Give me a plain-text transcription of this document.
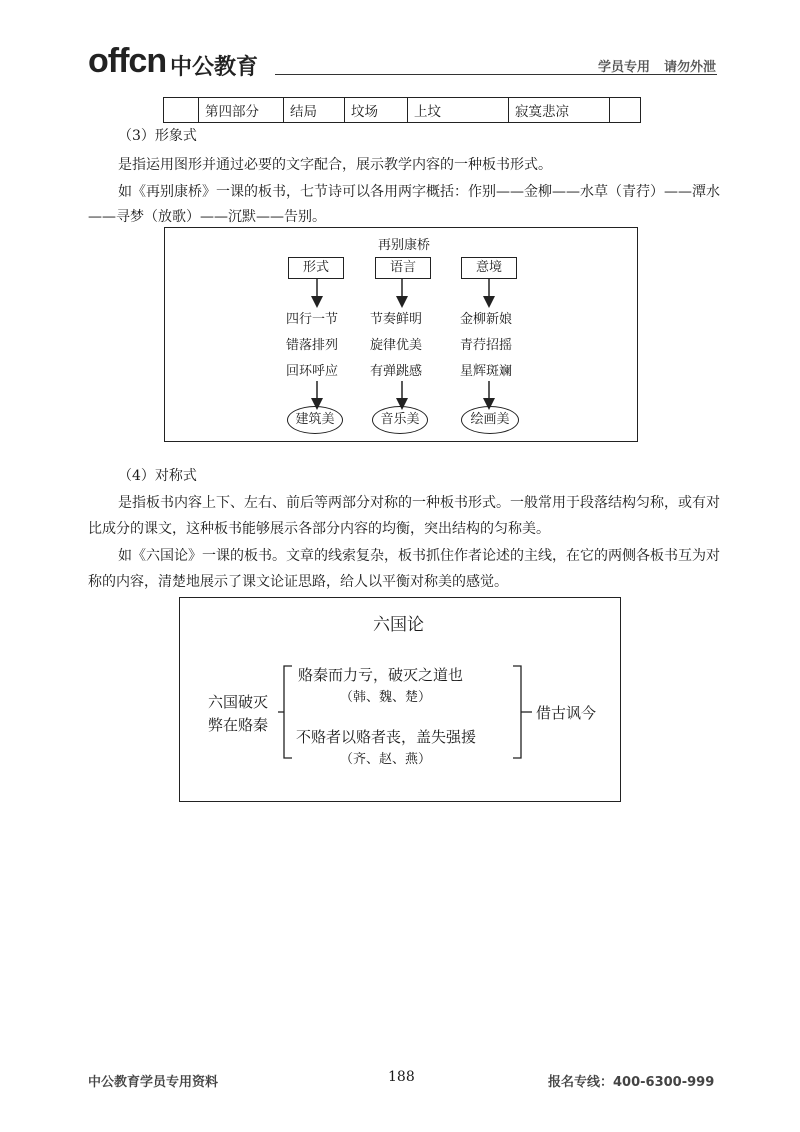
offcn 中公教育	学员专用 请勿外泄
	第四部分	结局	坟场	上坟	寂寞悲凉	
（3）形象式
是指运用图形并通过必要的文字配合，展示教学内容的一种板书形式。
如《再别康桥》一课的板书，七节诗可以各用两字概括：作别——金柳——水草（青荇）——潭水
——寻梦（放歌）——沉默——告别。
再别康桥
形式	语言	意境
四行一节
错落排列
回环呼应
节奏鲜明
旋律优美
有弹跳感
金柳新娘
青荇招摇
星辉斑斓
建筑美	音乐美	绘画美
（4）对称式
是指板书内容上下、左右、前后等两部分对称的一种板书形式。一般常用于段落结构匀称，或有对
比成分的课文，这种板书能够展示各部分内容的均衡，突出结构的匀称美。
如《六国论》一课的板书。文章的线索复杂，板书抓住作者论述的主线，在它的两侧各板书互为对
称的内容，清楚地展示了课文论证思路，给人以平衡对称美的感觉。
六国论
六国破灭
弊在赂秦
赂秦而力亏，破灭之道也
（韩、魏、楚）
不赂者以赂者丧，盖失强援
（齐、赵、燕）
借古讽今
中公教育学员专用资料	188	报名专线：400-6300-999
